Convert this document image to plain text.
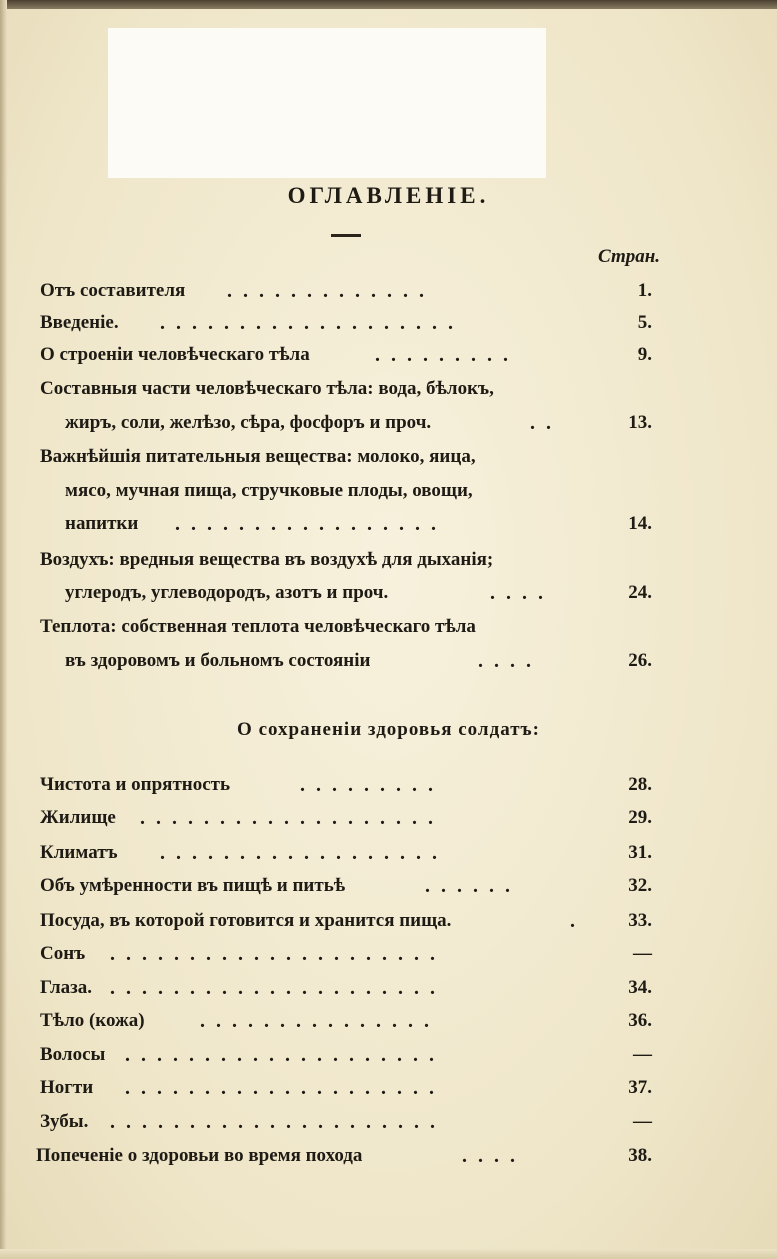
ОГЛАВЛЕНІЕ.
Стран.
Отъ составителя .............	1.
Введеніе. ...................	5.
О строеніи человѣческаго тѣла	.........	9.
Составныя части человѣческаго тѣла: вода, бѣлокъ,
жиръ, соли, желѣзо, сѣра, фосфоръ и проч.	..	13.
Важнѣйшія питательныя вещества: молоко, яица,
мясо, мучная пища, стручковые плоды, овощи,
напитки .................	14.
Воздухъ: вредныя вещества въ воздухѣ для дыханія;
углеродъ, углеводородъ, азотъ и проч.	....	24.
Теплота: собственная теплота человѣческаго тѣла
въ здоровомъ и больномъ состояніи	....	26.
О сохраненіи здоровья солдатъ:
Чистота и опрятность	.........	28.
Жилище ...................	29.
Климатъ ..................	31.
Объ умѣренности въ пищѣ и питьѣ	......	32.
Посуда, въ которой готовится и хранится пища.	. 33.
Сонъ .....................	—
Глаза. .....................	34.
Тѣло (кожа)	...............	36.
Волосы ....................	—
Ногти ....................	37.
Зубы. .....................	—
Попеченіе о здоровьи во время похода	....	38.
